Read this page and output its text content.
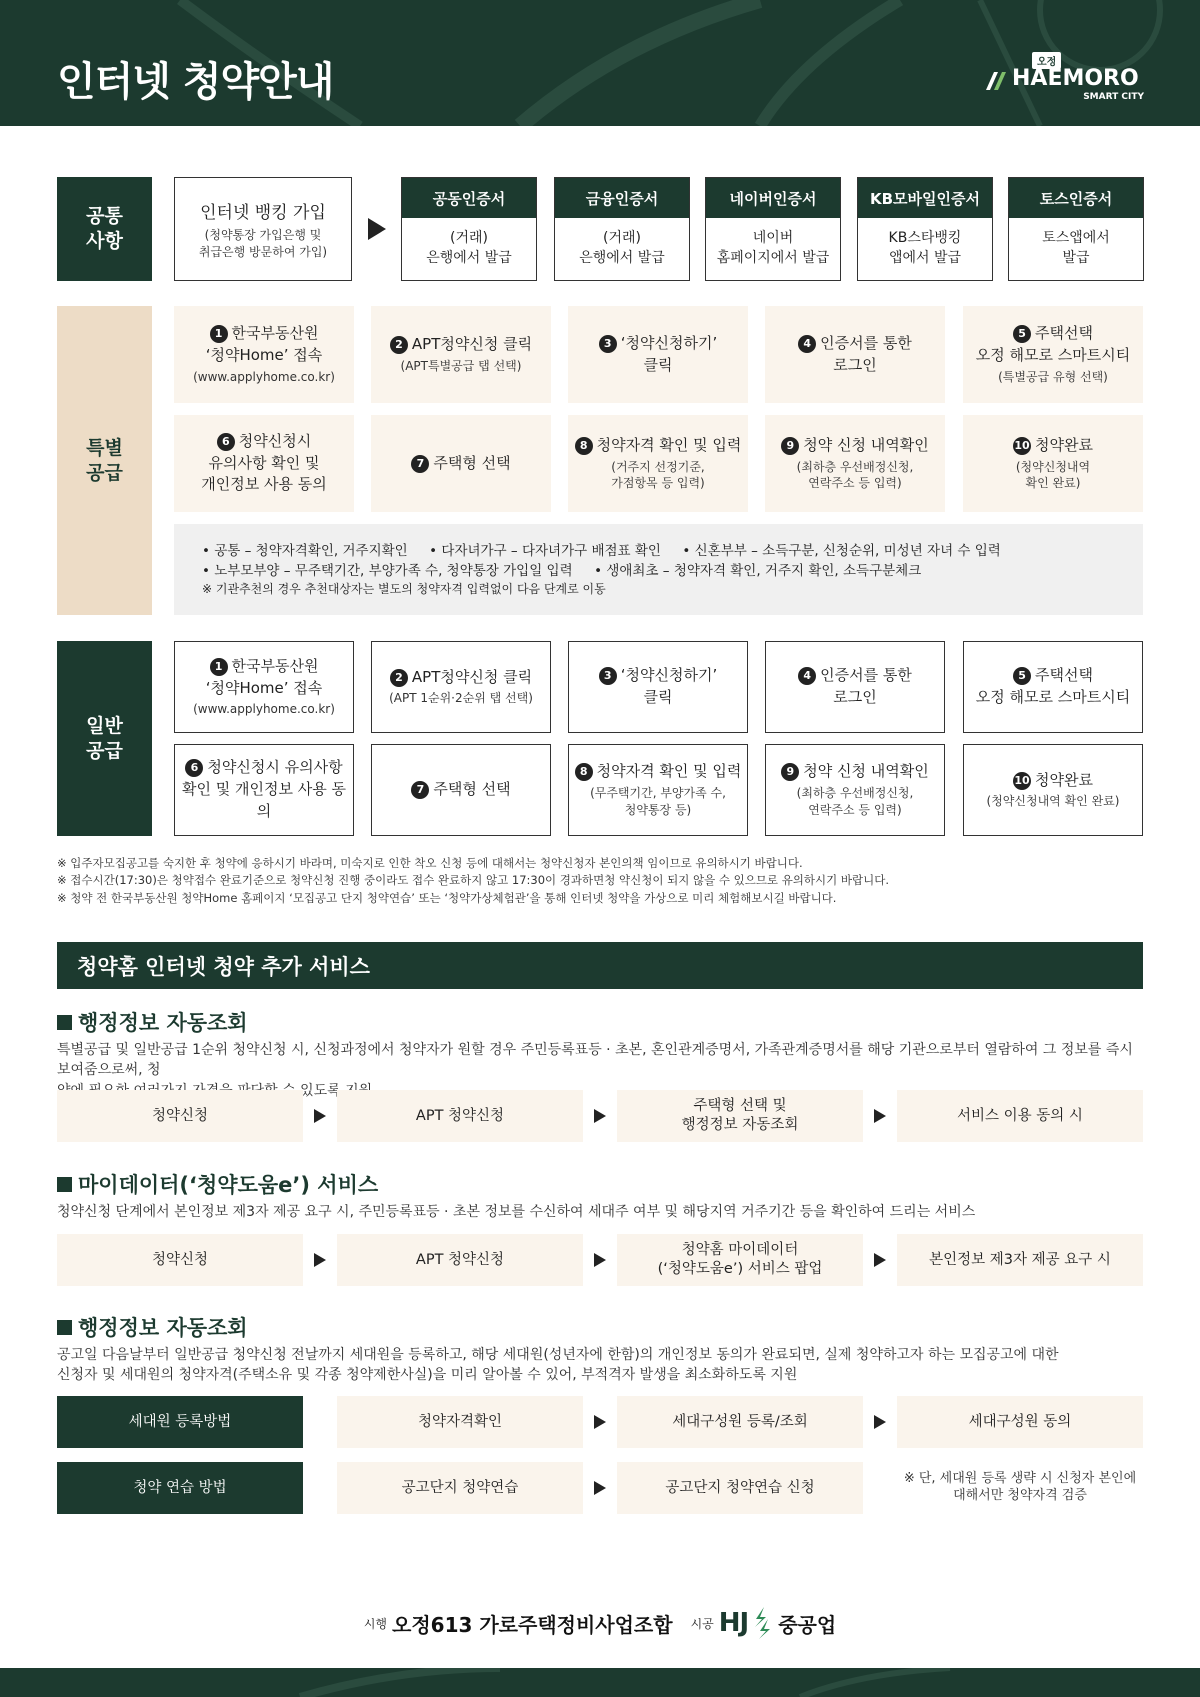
인터넷 청약안내	오정
HAEMORO
SMART CITY
공통
사항
인터넷 뱅킹 가입
(청약통장 가입은행 및
취급은행 방문하여 가입)
공동인증서
(거래)
은행에서 발급
금융인증서
(거래)
은행에서 발급
네이버인증서
네이버
홈페이지에서 발급
KB모바일인증서
KB스타뱅킹
앱에서 발급
토스인증서
토스앱에서
발급
특별
공급
1 한국부동산원
‘청약Home’ 접속
(www.applyhome.co.kr)
2 APT청약신청 클릭
(APT특별공급 탭 선택)
3 ‘청약신청하기’
클릭
4 인증서를 통한
로그인
5 주택선택
오정 해모로 스마트시티
(특별공급 유형 선택)
6 청약신청시
유의사항 확인 및
개인정보 사용 동의
7 주택형 선택
8 청약자격 확인 및 입력
(거주지 선정기준,
가점항목 등 입력)
9 청약 신청 내역확인
(최하층 우선배정신청,
연락주소 등 입력)
10 청약완료
(청약신청내역
확인 완료)
• 공통 – 청약자격확인, 거주지확인     • 다자녀가구 – 다자녀가구 배점표 확인     • 신혼부부 – 소득구분, 신청순위, 미성년 자녀 수 입력
• 노부모부양 – 무주택기간, 부양가족 수, 청약통장 가입일 입력     • 생애최초 – 청약자격 확인, 거주지 확인, 소득구분체크
※ 기관추천의 경우 추천대상자는 별도의 청약자격 입력없이 다음 단계로 이동
일반
공급
1 한국부동산원
‘청약Home’ 접속
(www.applyhome.co.kr)
2 APT청약신청 클릭
(APT 1순위·2순위 탭 선택)
3 ‘청약신청하기’
클릭
4 인증서를 통한
로그인
5 주택선택
오정 해모로 스마트시티
6 청약신청시 유의사항
확인 및 개인정보 사용 동의
7 주택형 선택
8 청약자격 확인 및 입력
(무주택기간, 부양가족 수,
청약통장 등)
9 청약 신청 내역확인
(최하층 우선배정신청,
연락주소 등 입력)
10 청약완료
(청약신청내역 확인 완료)
※ 입주자모집공고를 숙지한 후 청약에 응하시기 바라며, 미숙지로 인한 착오 신청 등에 대해서는 청약신청자 본인의책 임이므로 유의하시기 바랍니다.
※ 접수시간(17:30)은 청약접수 완료기준으로 청약신청 진행 중이라도 접수 완료하지 않고 17:30이 경과하면청 약신청이 되지 않을 수 있으므로 유의하시기 바랍니다.
※ 청약 전 한국부동산원 청약Home 홈페이지 ‘모집공고 단지 청약연습’ 또는 ‘청약가상체험관’을 통해 인터넷 청약을 가상으로 미리 체험해보시길 바랍니다.
청약홈 인터넷 청약 추가 서비스
행정정보 자동조회
특별공급 및 일반공급 1순위 청약신청 시, 신청과정에서 청약자가 원할 경우 주민등록표등 · 초본, 혼인관계증명서, 가족관계증명서를 해당 기관으로부터 열람하여 그 정보를 즉시 보여줌으로써, 청
있도록
청약신청	APT 청약신청
주택형 선택 및
행정정보 자동조회
서비스 이용 동의 시
마이데이터(‘청약도움e’) 서비스
청약신청 단계에서 본인정보 제3자 제공 요구 시, 주민등록표등 · 초본 정보를 수신하여 세대주 여부 및 해당지역 거주기간 등을 확인하여 드리는 서비스
청약신청	APT 청약신청
청약홈 마이데이터
(‘청약도움e’) 서비스 팝업
본인정보 제3자 제공 요구 시
행정정보 자동조회
공고일 다음날부터 일반공급 청약신청 전날까지 세대원을 등록하고, 해당 세대원(성년자에 한함)의 개인정보 동의가 완료되면, 실제 청약하고자 하는 모집공고에 대한
신청자 및 세대원의 청약자격(주택소유 및 각종 청약제한사실)을 미리 알아볼 수 있어, 부적격자 발생을 최소화하도록 지원
세대원 등록방법	청약자격확인	세대구성원 등록/조회	세대구성원 동의
청약 연습 방법	공고단지 청약연습	공고단지 청약연습 신청
※ 단, 세대원 등록 생략 시 신청자 본인에
대해서만 청약자격 검증
시행 오정613 가로주택정비사업조합 시공 HJ 중공업
